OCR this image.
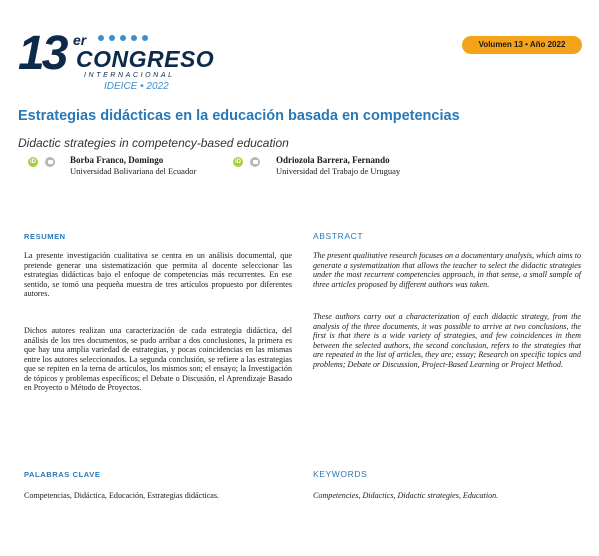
13 er
CONGRESO
INTERNACIONAL
IDEICE • 2022
Volumen 13 • Año 2022
Estrategias didácticas en la educación basada en competencias
Didactic strategies in competency-based education
iD	Borba Franco, Domingo
Universidad Bolivariana del Ecuador
iD	Odriozola Barrera, Fernando
Universidad del Trabajo de Uruguay
RESUMEN
La presente investigación cualitativa se centra en un análisis documental, que pretende generar una sistematización que permita al docente seleccionar las estrategias didácticas bajo el enfoque de competencias más recurrentes. En ese sentido, se tomó una pequeña muestra de tres artículos propuesto por diferentes autores.
Dichos autores realizan una caracterización de cada estrategia didáctica, del análisis de los tres documentos, se pudo arribar a dos conclusiones, la primera es que hay una amplia variedad de estrategias, y pocas coincidencias en las mismas entre los autores seleccionados. La segunda conclusión, se refiere a las estrategias que se repiten en la terna de artículos, los mismos son; el ensayo; la Investigación de tópicos y problemas específicos; el Debate o Discusión, el Aprendizaje Basado en Proyecto o Método de Proyectos.
ABSTRACT
The present qualitative research focuses on a documentary analysis, which aims to generate a systematization that allows the teacher to select the didactic strategies under the most recurrent competencies approach, in that sense, a small sample of three articles proposed by different authors was taken.
These authors carry out a characterization of each didactic strategy, from the analysis of the three documents, it was possible to arrive at two conclusions, the first is that there is a wide variety of strategies, and few coincidences in them between the selected authors, the second conclusion, refers to the strategies that are repeated in the list of articles, they are; essay; Research on specific topics and problems; Debate or Discussion, Project-Based Learning or Project Method.
PALABRAS CLAVE
Competencias, Didáctica, Educación, Estrategias didácticas.
KEYWORDS
Competencies, Didactics, Didactic strategies, Education.
